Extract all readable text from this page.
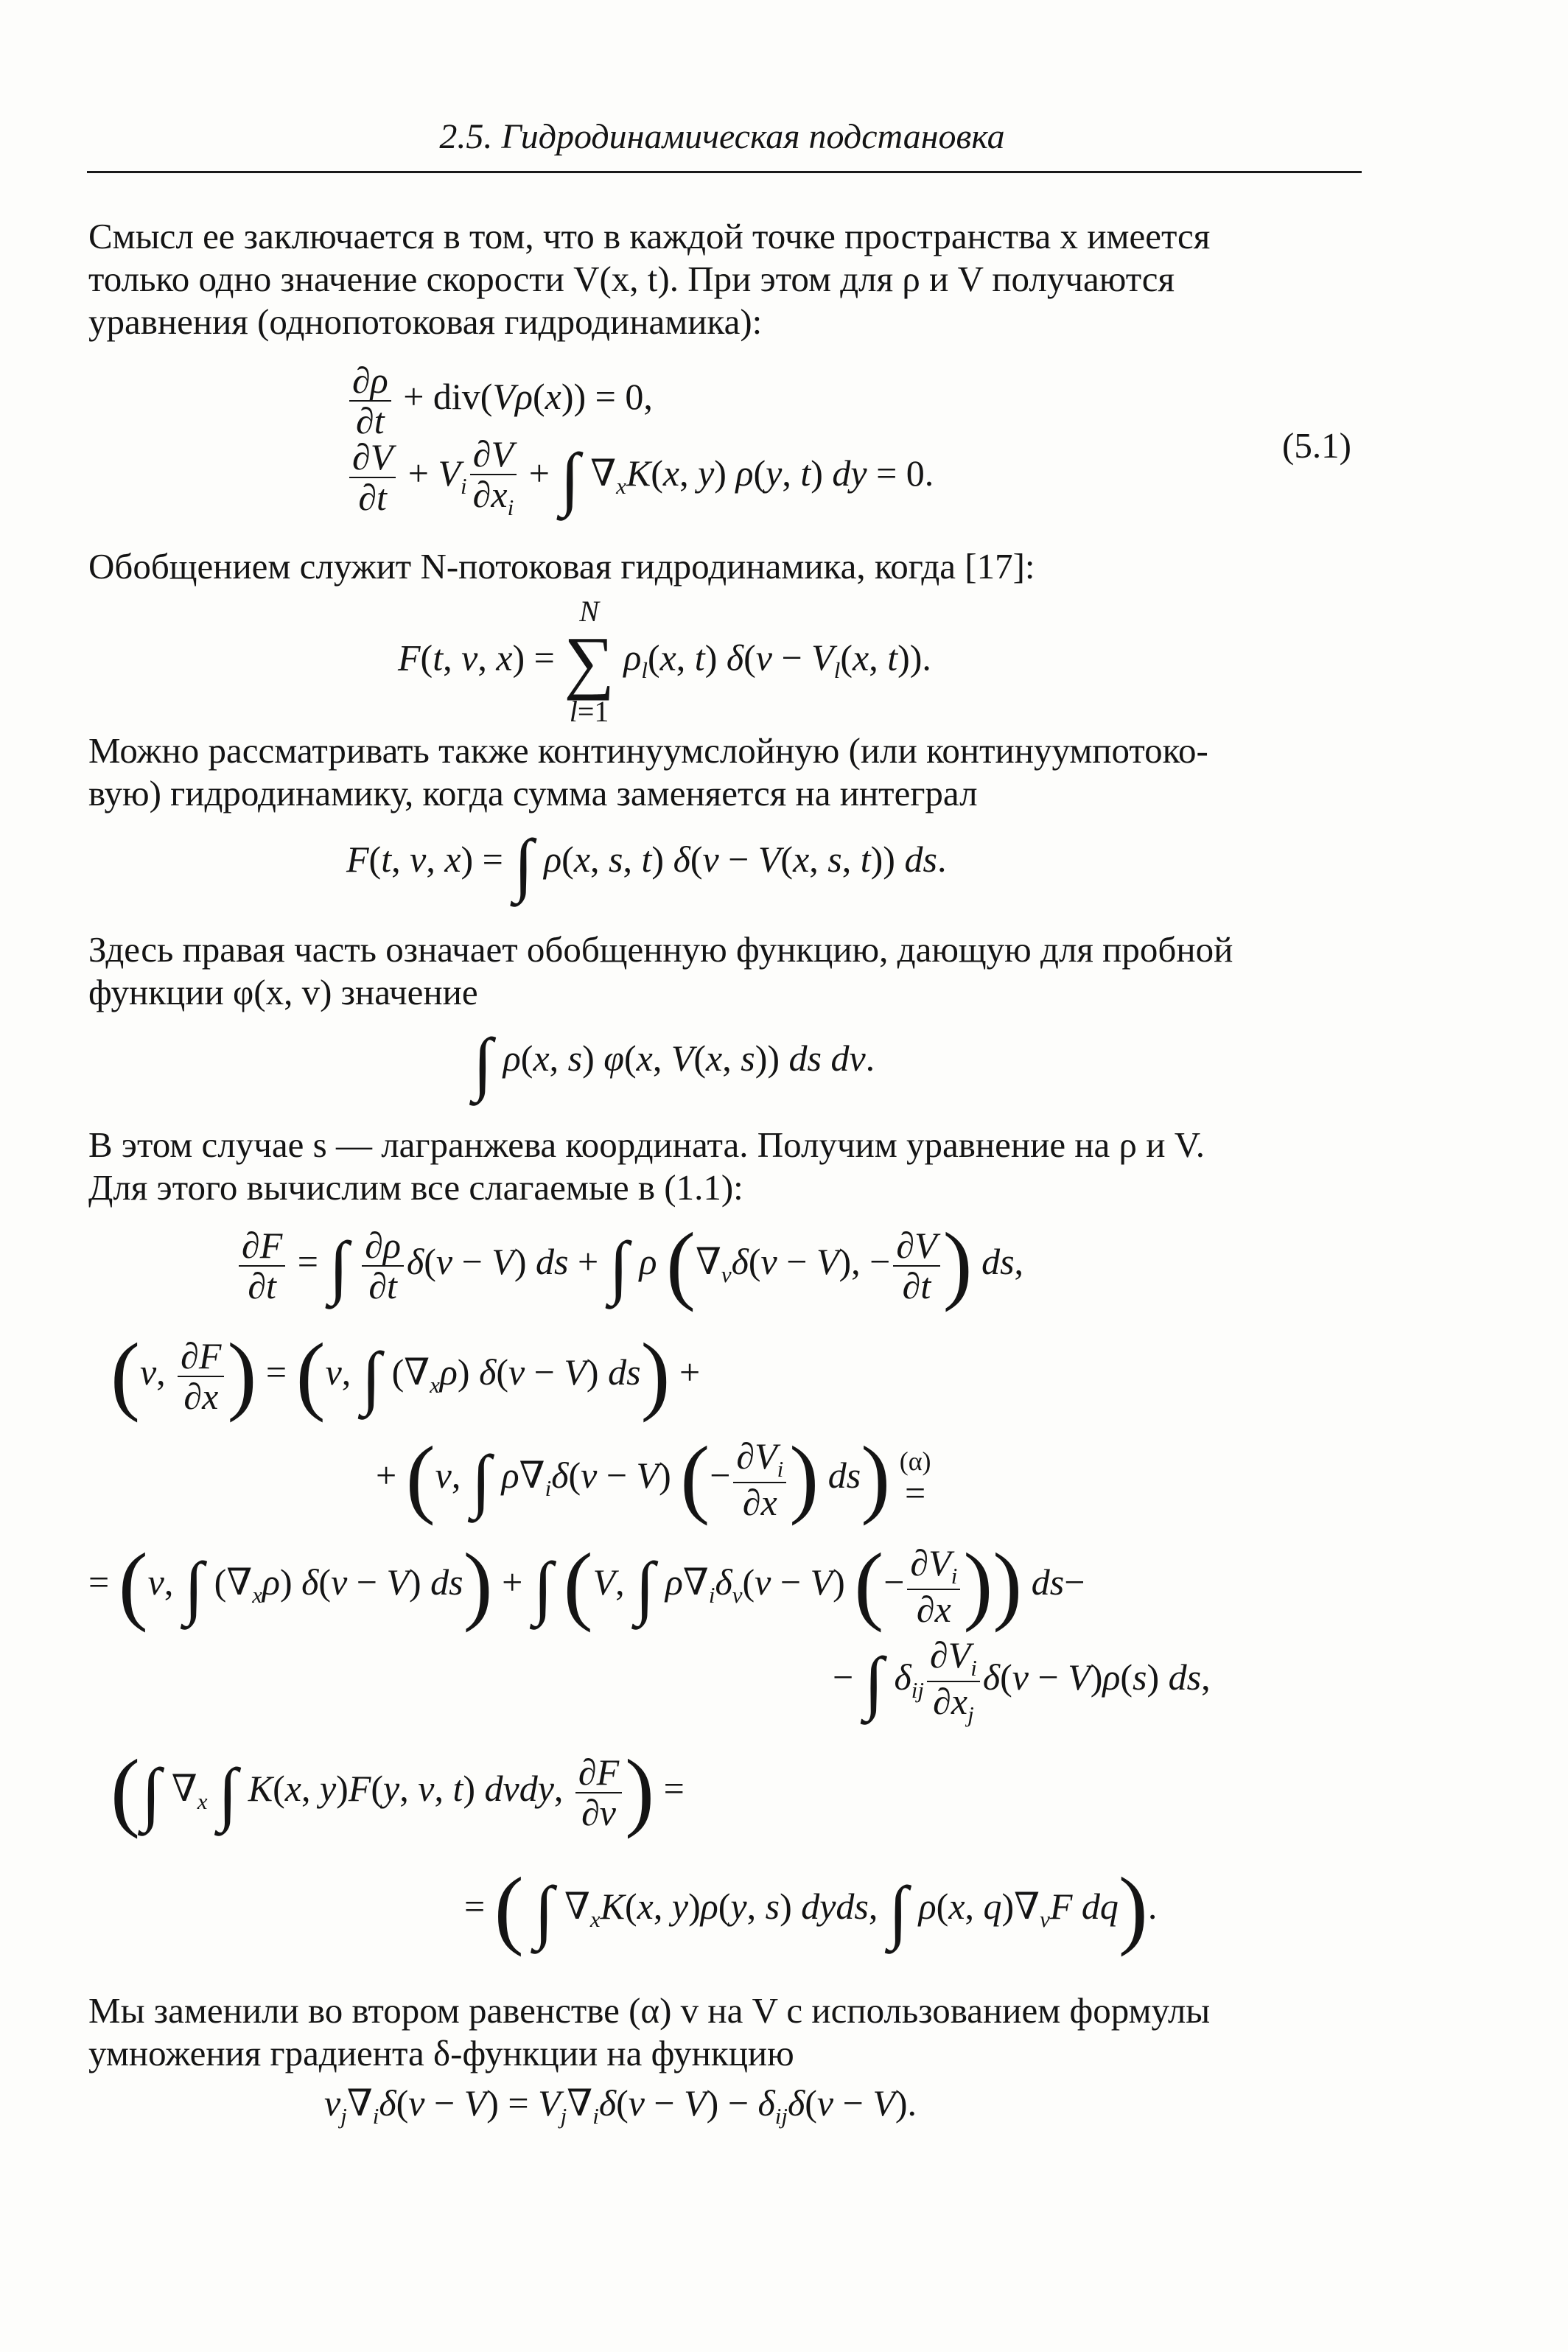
2.5. Гидродинамическая подстановка
Смысл ее заключается в том, что в каждой точке пространства x имеется
только одно значение скорости V(x, t). При этом для ρ и V получаются
уравнения (однопотоковая гидродинамика):
$\frac{\partial\rho}{\partial t} + div(V\rho(x)) = 0$,
$\frac{\partial V}{\partial t} + V_i \frac{\partial V}{\partial x_i}$ + ∫ $\nabla_xK(x$, y) ρ(y, t) dy = 0.
(5.1)
Обобщением служит N-потоковая гидродинамика, когда [17]:
F(t, v, x) =
N
∑
l=1
$\rho_l(x$, t) $\delta(v - V_l(x$, t)).
Можно рассматривать также континуумслойную (или континуумпотоко-
вую) гидродинамику, когда сумма заменяется на интеграл
F(t, v, x) = ∫ ρ(x, s, t) δ(v − V(x, s, t)) ds.
Здесь правая часть означает обобщенную функцию, дающую для пробной
функции φ(x, v) значение
∫ ρ(x, s) φ(x, V(x, s)) ds dv.
В этом случае s — лагранжева координата. Получим уравнение на ρ и V.
Для этого вычислим все слагаемые в (1.1):
$\frac{\partial F}{\partial t}$ = ∫ $\frac{\partial\rho}{\partial t} \delta(v - V)$ ds + ∫ ρ ($\nabla_v\delta(v - V)$, − $\frac{\partial V}{\partial t}$ ) ds,
(v, $\frac{\partial F}{\partial x}$ ) = (v, ∫ $(\nabla_x\rho) \delta(v - V) ds$) +
+ (v, ∫ $\rho\nabla_i\delta(v - V)$ (− $\frac{\partial V_i}{\partial x}$ ) ds) (α)
=
= (v, ∫ $(\nabla_x\rho) \delta(v - V) ds$) + ∫ (V, ∫ $\rho\nabla_i\delta_v(v - V)$ (− $\frac{\partial V_i}{\partial x}$ )) ds−
− ∫ $\delta_{ij} \frac{\partial V_i}{\partial x_j} \delta(v - V)\rho(s)$ ds,
(∫ $\nabla_x$ ∫ K(x, y)F(y, v, t) dvdy, $\frac{\partial F}{\partial v}$ ) =
= ( ∫ $\nabla_xK(x$, y)ρ(y, s) dyds, ∫ ρ(x, $q)\nabla_vF$ dq).
Мы заменили во втором равенстве (α) v на V с использованием формулы
умножения градиента δ-функции на функцию
$v_j\nabla_i\delta(v - V) = V_j\nabla_i\delta(v - V) - \delta_{ij}\delta(v - V)$.
